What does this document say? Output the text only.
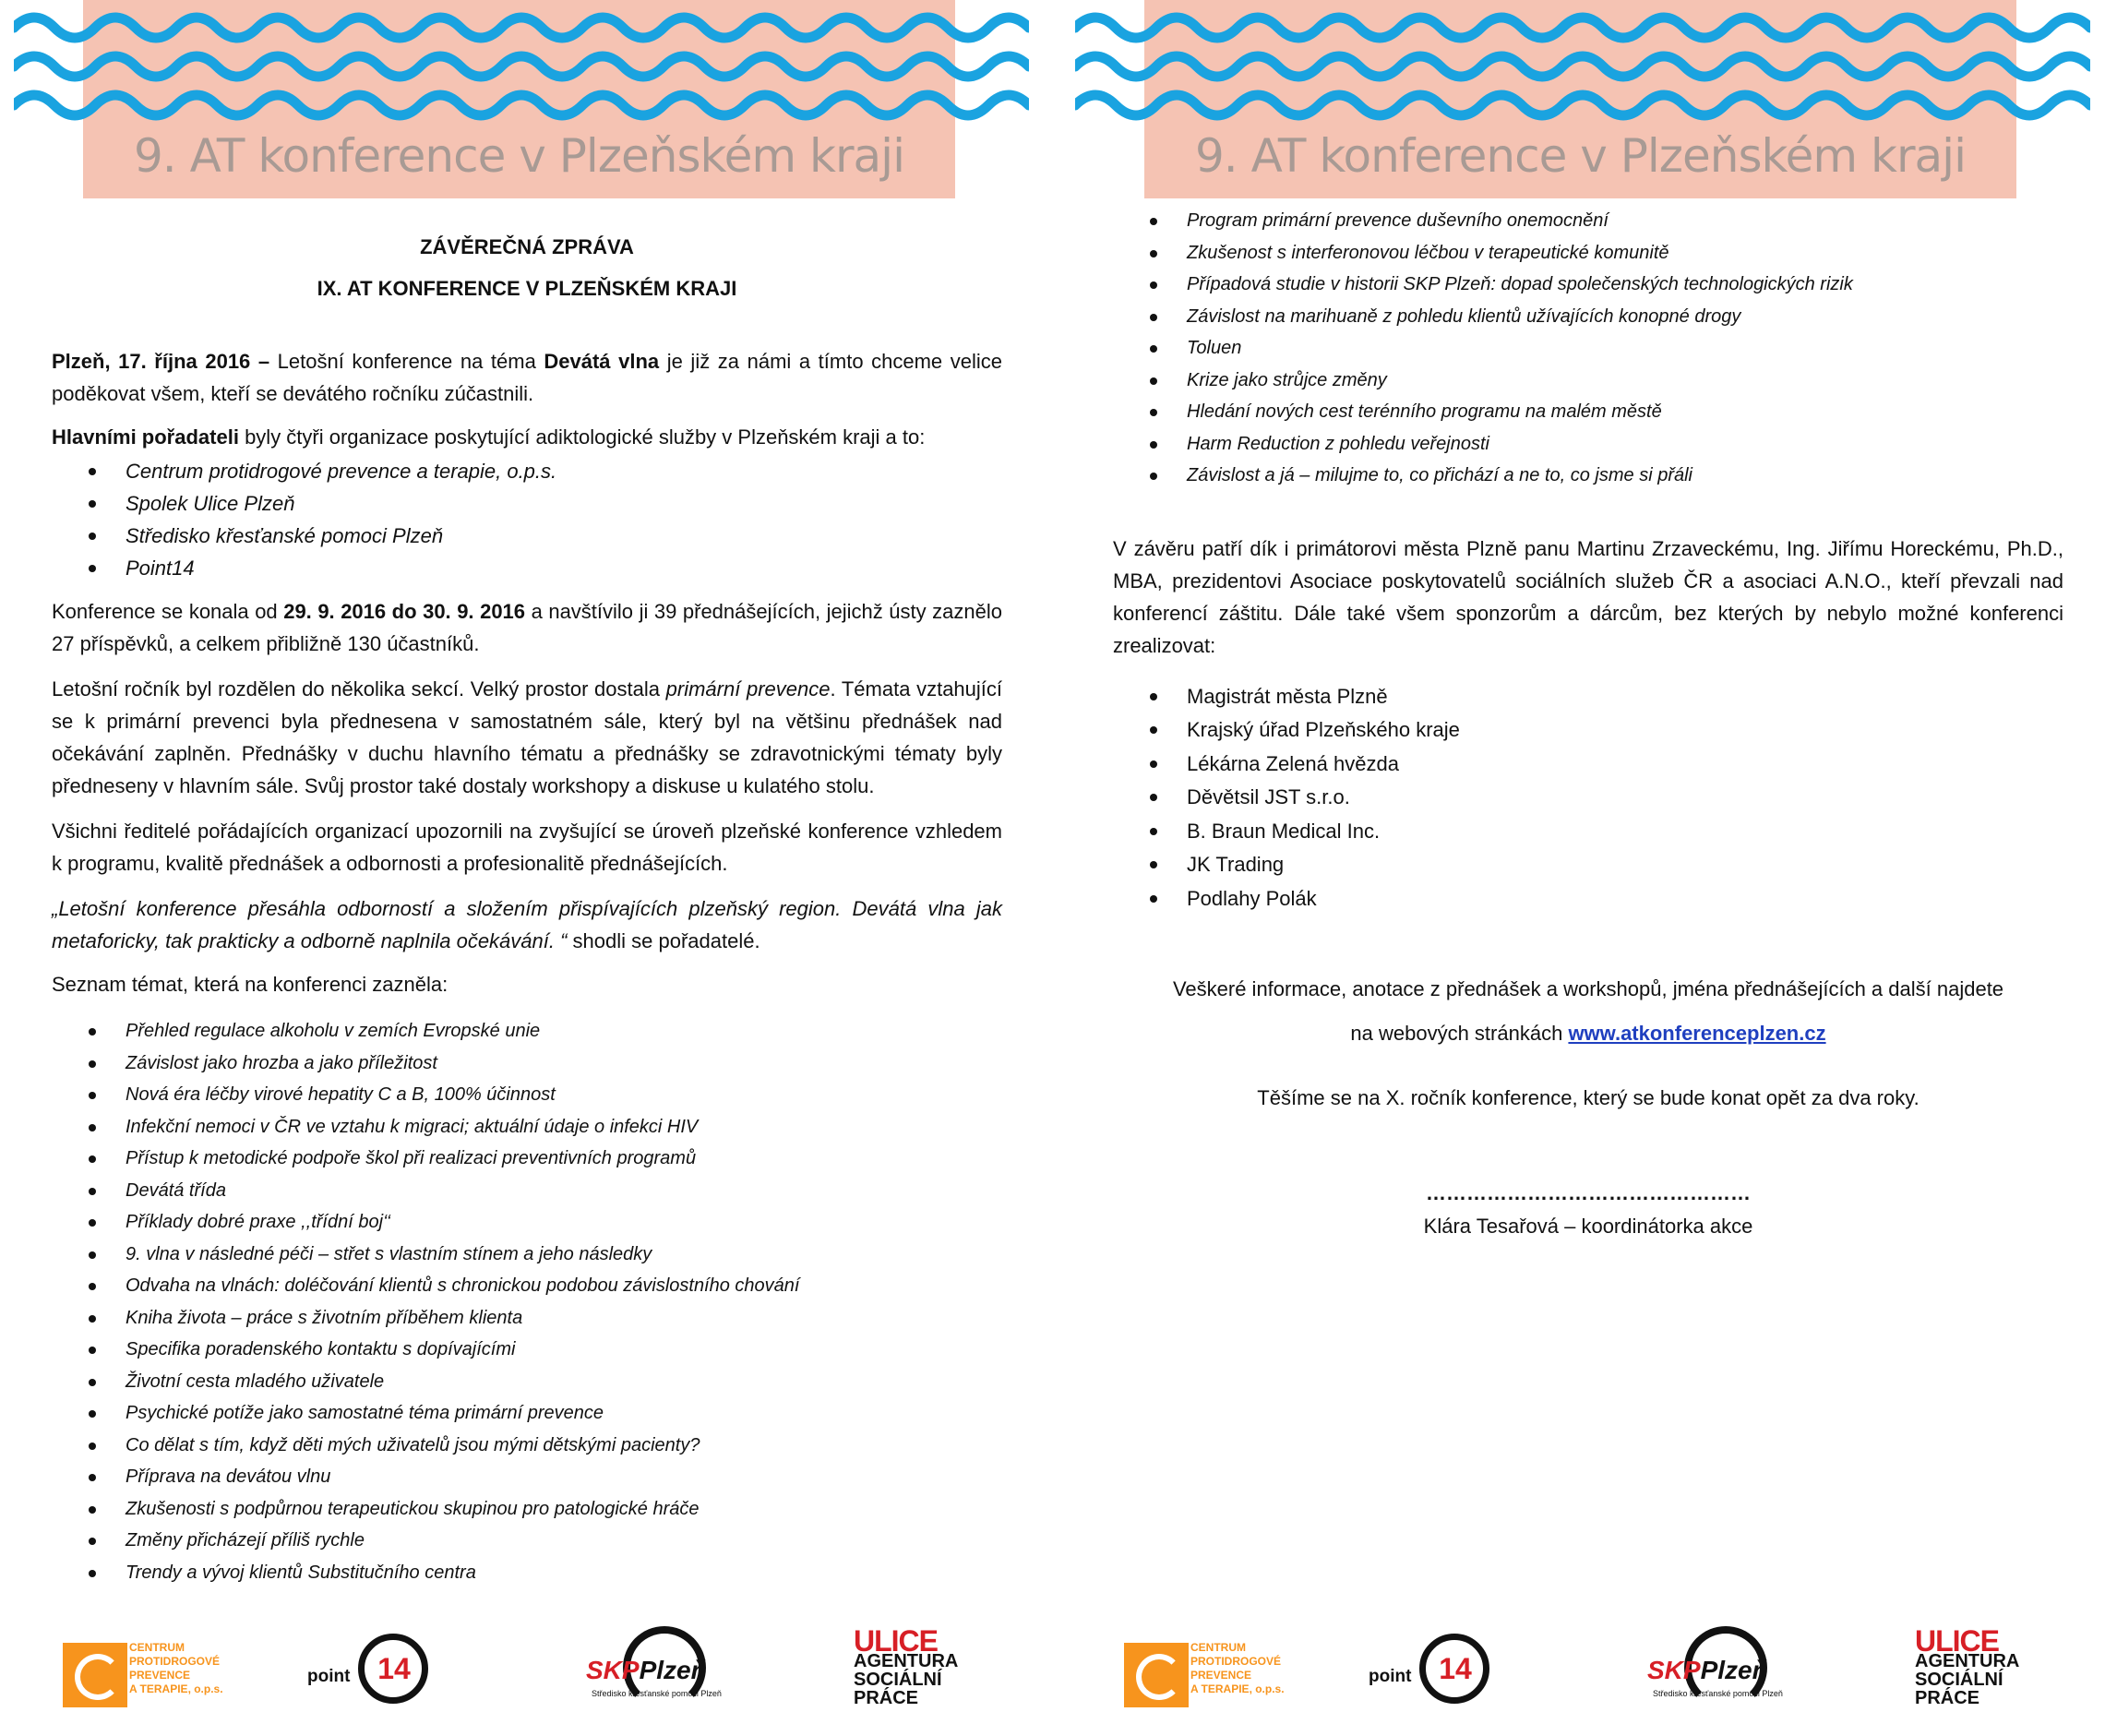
9. AT konference v Plzeňském kraji

ZÁVĚREČNÁ ZPRÁVA

IX. AT KONFERENCE V PLZEŇSKÉM KRAJI

Plzeň, 17. října 2016 – Letošní konference na téma Devátá vlna je již za námi a tímto chceme velice poděkovat všem, kteří se devátého ročníku zúčastnili.

Hlavními pořadateli byly čtyři organizace poskytující adiktologické služby v Plzeňském kraji a to:

Centrum protidrogové prevence a terapie, o.p.s.
Spolek Ulice Plzeň
Středisko křesťanské pomoci Plzeň
Point14

Konference se konala od 29. 9. 2016 do 30. 9. 2016 a navštívilo ji 39 přednášejících, jejichž ústy zaznělo 27 příspěvků, a celkem přibližně 130 účastníků.

Letošní ročník byl rozdělen do několika sekcí. Velký prostor dostala primární prevence. Témata vztahující se k primární prevenci byla přednesena v samostatném sále, který byl na většinu přednášek nad očekávání zaplněn. Přednášky v duchu hlavního tématu a přednášky se zdravotnickými tématy byly předneseny v hlavním sále. Svůj prostor také dostaly workshopy a diskuse u kulatého stolu.

Všichni ředitelé pořádajících organizací upozornili na zvyšující se úroveň plzeňské konference vzhledem k programu, kvalitě přednášek a odbornosti a profesionalitě přednášejících.

„Letošní konference přesáhla odborností a složením přispívajících plzeňský region. Devátá vlna jak metaforicky, tak prakticky a odborně naplnila očekávání. “ shodli se pořadatelé.

Seznam témat, která na konferenci zazněla:

Přehled regulace alkoholu v zemích Evropské unie
Závislost jako hrozba a jako příležitost
Nová éra léčby virové hepatity C a B, 100% účinnost
Infekční nemoci v ČR ve vztahu k migraci; aktuální údaje o infekci HIV
Přístup k metodické podpoře škol při realizaci preventivních programů
Devátá třída
Příklady dobré praxe ,,třídní boj‘‘
9. vlna v následné péči – střet s vlastním stínem a jeho následky
Odvaha na vlnách: doléčování klientů s chronickou podobou závislostního chování
Kniha života – práce s životním příběhem klienta
Specifika poradenského kontaktu s dopívajícími
Životní cesta mladého uživatele
Psychické potíže jako samostatné téma primární prevence
Co dělat s tím, když děti mých uživatelů jsou mými dětskými pacienty?
Příprava na devátou vlnu
Zkušenosti s podpůrnou terapeutickou skupinou pro patologické hráče
Změny přicházejí příliš rychle
Trendy a vývoj klientů Substitučního centra
CENTRUM
PROTIDROGOVÉ
PREVENCE
A TERAPIE, o.p.s.
point 14	SKPPlzeň
Středisko křesťanské pomoci Plzeň
ULICE
AGENTURA
SOCIÁLNÍ
PRÁCE
9. AT konference v Plzeňském kraji
Program primární prevence duševního onemocnění
Zkušenost s interferonovou léčbou v terapeutické komunitě
Případová studie v historii SKP Plzeň: dopad společenských technologických rizik
Závislost na marihuaně z pohledu klientů užívajících konopné drogy
Toluen
Krize jako strůjce změny
Hledání nových cest terénního programu na malém městě
Harm Reduction z pohledu veřejnosti
Závislost a já – milujme to, co přichází a ne to, co jsme si přáli

V závěru patří dík i primátorovi města Plzně panu Martinu Zrzaveckému, Ing. Jiřímu Horeckému, Ph.D., MBA, prezidentovi Asociace poskytovatelů sociálních služeb ČR a asociaci A.N.O., kteří převzali nad konferencí záštitu. Dále také všem sponzorům a dárcům, bez kterých by nebylo možné konferenci zrealizovat:

Magistrát města Plzně
Krajský úřad Plzeňského kraje
Lékárna Zelená hvězda
Děvětsil JST s.r.o.
B. Braun Medical Inc.
JK Trading
Podlahy Polák

Veškeré informace, anotace z přednášek a workshopů, jména přednášejících a další najdete

na webových stránkách www.atkonferenceplzen.cz

Těšíme se na X. ročník konference, který se bude konat opět za dva roky.

…………………………………………

Klára Tesařová – koordinátorka akce

CENTRUM
PROTIDROGOVÉ
PREVENCE
A TERAPIE, o.p.s.
point 14	SKPPlzeň
Středisko křesťanské pomoci Plzeň
ULICE
AGENTURA
SOCIÁLNÍ
PRÁCE
